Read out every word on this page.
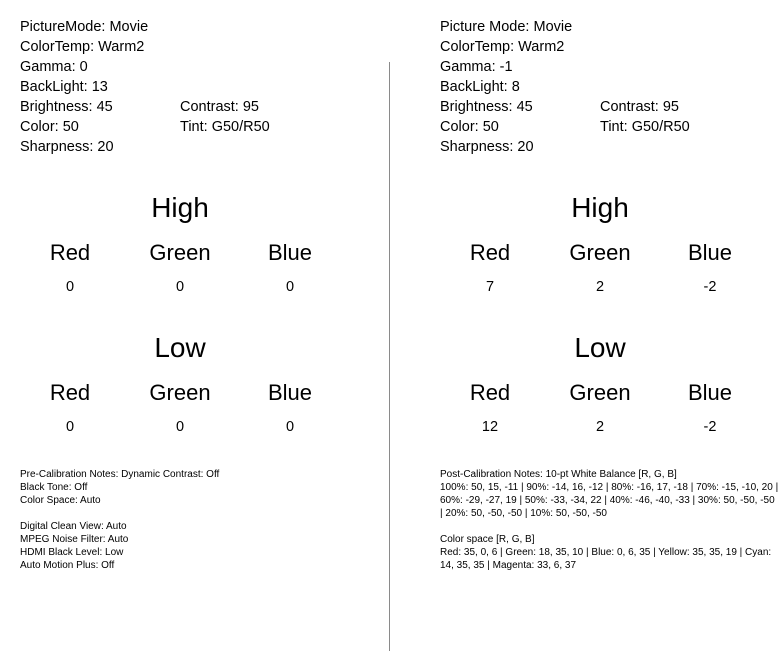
PictureMode: Movie
ColorTemp: Warm2
Gamma: 0
BackLight: 13
Brightness: 45	Contrast: 95
Color: 50	Tint: G50/R50
Sharpness: 20
High
Red	Green	Blue
0	0	0
Low
Red	Green	Blue
0	0	0
Pre-Calibration Notes: Dynamic Contrast: Off
Black Tone: Off
Color Space: Auto
Digital Clean View: Auto
MPEG Noise Filter: Auto
HDMI Black Level: Low
Auto Motion Plus: Off
Picture Mode: Movie
ColorTemp: Warm2
Gamma: -1
BackLight: 8
Brightness: 45	Contrast: 95
Color: 50	Tint: G50/R50
Sharpness: 20
High
Red	Green	Blue
7	2	-2
Low
Red	Green	Blue
12	2	-2
Post-Calibration Notes: 10-pt White Balance [R, G, B]
100%: 50, 15, -11 | 90%: -14, 16, -12 | 80%: -16, 17, -18 | 70%: -15, -10, 20 | 60%: -29, -27, 19 | 50%: -33, -34, 22 | 40%: -46, -40, -33 | 30%: 50, -50, -50 | 20%: 50, -50, -50 | 10%: 50, -50, -50
Color space [R, G, B]
Red: 35, 0, 6 | Green: 18, 35, 10 | Blue: 0, 6, 35 | Yellow: 35, 35, 19 | Cyan: 14, 35, 35 | Magenta: 33, 6, 37
